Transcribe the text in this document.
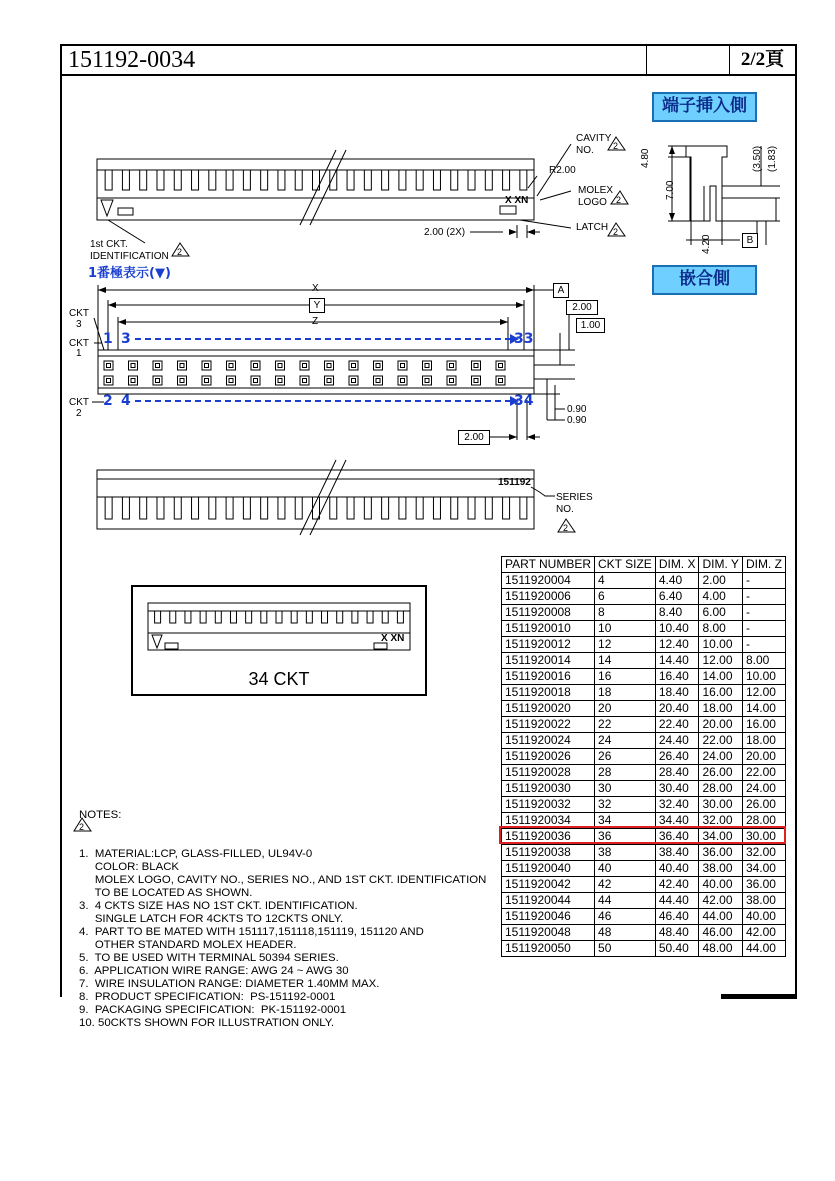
151192-0034	2/2頁
2
2
2
2
2
2
端子挿入側
嵌合側
CAVITY
NO.
R2.00
X XN
MOLEX
LOGO
LATCH
2.00 (2X)
1st CKT.
IDENTIFICATION
1番極表示(▼)
X
Y
Z
A
2.00
1.00
0.90
0.90
2.00
CKT
3
CKT
1
CKT
2
1 3
2 4
33
34
4.80
7.00
(3.50) (1.83)
4.20	B
151192
SERIES
NO.
X XN
34 CKT
PART NUMBER	CKT SIZE	DIM. X	DIM. Y	DIM. Z
1511920004	4	4.40	2.00	-
1511920006	6	6.40	4.00	-
1511920008	8	8.40	6.00	-
1511920010	10	10.40	8.00	-
1511920012	12	12.40	10.00	-
1511920014	14	14.40	12.00	8.00
1511920016	16	16.40	14.00	10.00
1511920018	18	18.40	16.00	12.00
1511920020	20	20.40	18.00	14.00
1511920022	22	22.40	20.00	16.00
1511920024	24	24.40	22.00	18.00
1511920026	26	26.40	24.00	20.00
1511920028	28	28.40	26.00	22.00
1511920030	30	30.40	28.00	24.00
1511920032	32	32.40	30.00	26.00
1511920034	34	34.40	32.00	28.00
1511920036	36	36.40	34.00	30.00
1511920038	38	38.40	36.00	32.00
1511920040	40	40.40	38.00	34.00
1511920042	42	42.40	40.00	36.00
1511920044	44	44.40	42.00	38.00
1511920046	46	46.40	44.00	40.00
1511920048	48	48.40	46.00	42.00
1511920050	50	50.40	48.00	44.00

NOTES:

1.  MATERIAL:LCP, GLASS-FILLED, UL94V-0
COLOR: BLACK
MOLEX LOGO, CAVITY NO., SERIES NO., AND 1ST CKT. IDENTIFICATION
TO BE LOCATED AS SHOWN.
3.  4 CKTS SIZE HAS NO 1ST CKT. IDENTIFICATION.
SINGLE LATCH FOR 4CKTS TO 12CKTS ONLY.
4.  PART TO BE MATED WITH 151117,151118,151119, 151120 AND
OTHER STANDARD MOLEX HEADER.
5.  TO BE USED WITH TERMINAL 50394 SERIES.
6.  APPLICATION WIRE RANGE: AWG 24 ~ AWG 30
7.  WIRE INSULATION RANGE: DIAMETER 1.40MM MAX.
8.  PRODUCT SPECIFICATION:  PS-151192-0001
9.  PACKAGING SPECIFICATION:  PK-151192-0001
10. 50CKTS SHOWN FOR ILLUSTRATION ONLY.
